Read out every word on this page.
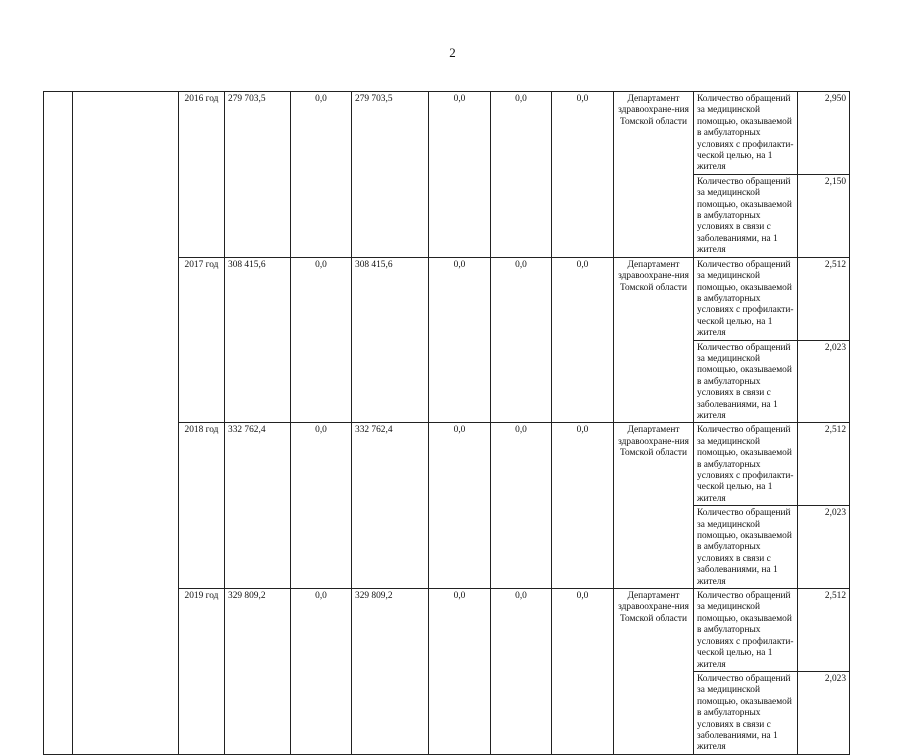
2
		2016 год	279 703,5	0,0	279 703,5	0,0	0,0	0,0	Департамент здравоохране-ния Томской области	Количество обращений за медицинской помощью, оказываемой в амбулаторных условиях с профилакти-ческой целью, на 1 жителя	2,950
										Количество обращений за медицинской помощью, оказываемой в амбулаторных условиях в связи с заболеваниями, на 1 жителя	2,150
		2017 год	308 415,6	0,0	308 415,6	0,0	0,0	0,0	Департамент здравоохране-ния Томской области	Количество обращений за медицинской помощью, оказываемой в амбулаторных условиях с профилакти-ческой целью, на 1 жителя	2,512
										Количество обращений за медицинской помощью, оказываемой в амбулаторных условиях в связи с заболеваниями, на 1 жителя	2,023
		2018 год	332 762,4	0,0	332 762,4	0,0	0,0	0,0	Департамент здравоохране-ния Томской области	Количество обращений за медицинской помощью, оказываемой в амбулаторных условиях с профилакти-ческой целью, на 1 жителя	2,512
										Количество обращений за медицинской помощью, оказываемой в амбулаторных условиях в связи с заболеваниями, на 1 жителя	2,023
		2019 год	329 809,2	0,0	329 809,2	0,0	0,0	0,0	Департамент здравоохране-ния Томской области	Количество обращений за медицинской помощью, оказываемой в амбулаторных условиях с профилакти-ческой целью, на 1 жителя	2,512
										Количество обращений за медицинской помощью, оказываемой в амбулаторных условиях в связи с заболеваниями, на 1 жителя	2,023
